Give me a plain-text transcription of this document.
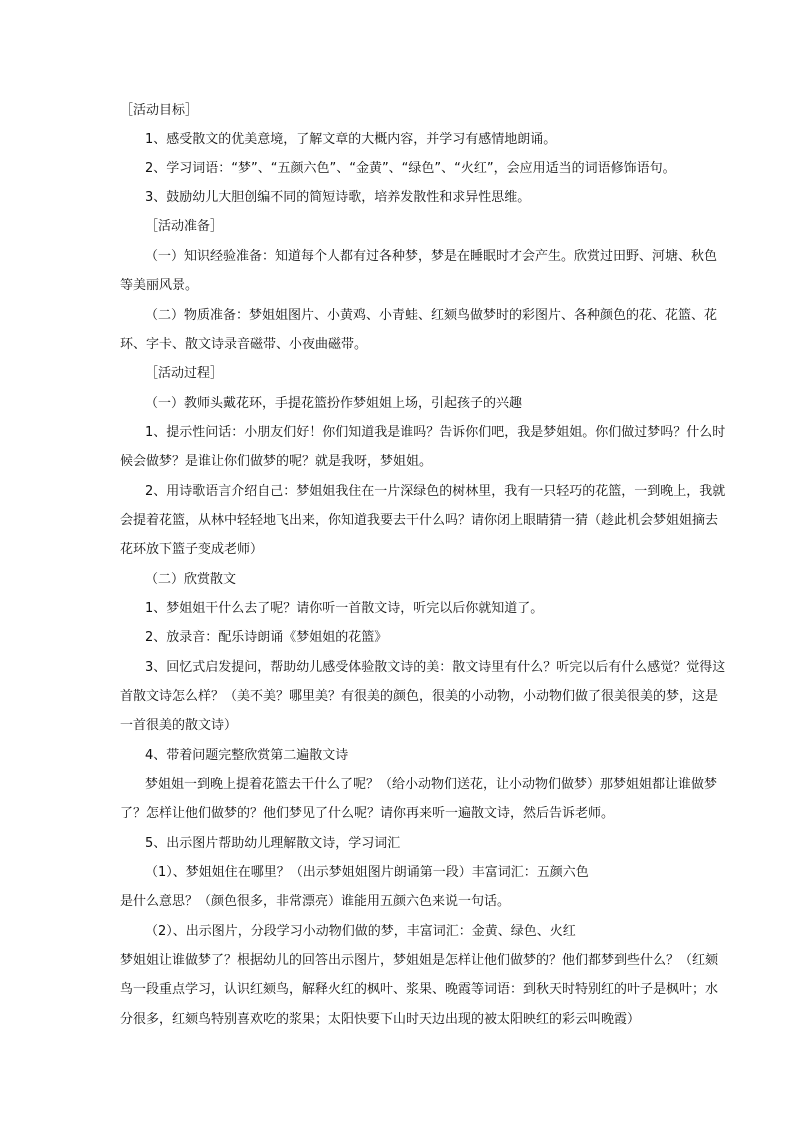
［活动目标］
1、感受散文的优美意境，了解文章的大概内容，并学习有感情地朗诵。
2、学习词语：“梦”、“五颜六色”、“金黄”、“绿色”、“火红”，会应用适当的词语修饰语句。
3、鼓励幼儿大胆创编不同的简短诗歌，培养发散性和求异性思维。
［活动准备］
（一）知识经验准备：知道每个人都有过各种梦，梦是在睡眠时才会产生。欣赏过田野、河塘、秋色
等美丽风景。
（二）物质准备：梦姐姐图片、小黄鸡、小青蛙、红颏鸟做梦时的彩图片、各种颜色的花、花篮、花
环、字卡、散文诗录音磁带、小夜曲磁带。
［活动过程］
（一）教师头戴花环，手提花篮扮作梦姐姐上场，引起孩子的兴趣
1、提示性问话：小朋友们好！你们知道我是谁吗？告诉你们吧，我是梦姐姐。你们做过梦吗？什么时
候会做梦？是谁让你们做梦的呢？就是我呀，梦姐姐。
2、用诗歌语言介绍自己：梦姐姐我住在一片深绿色的树林里，我有一只轻巧的花篮，一到晚上，我就
会提着花篮，从林中轻轻地飞出来，你知道我要去干什么吗？请你闭上眼睛猜一猜（趁此机会梦姐姐摘去
花环放下篮子变成老师）
（二）欣赏散文
1、梦姐姐干什么去了呢？请你听一首散文诗，听完以后你就知道了。
2、放录音：配乐诗朗诵《梦姐姐的花篮》
3、回忆式启发提问，帮助幼儿感受体验散文诗的美：散文诗里有什么？听完以后有什么感觉？觉得这
首散文诗怎么样？（美不美？哪里美？有很美的颜色，很美的小动物，小动物们做了很美很美的梦，这是
一首很美的散文诗）
4、带着问题完整欣赏第二遍散文诗
梦姐姐一到晚上提着花篮去干什么了呢？（给小动物们送花，让小动物们做梦）那梦姐姐都让谁做梦
了？怎样让他们做梦的？他们梦见了什么呢？请你再来听一遍散文诗，然后告诉老师。
5、出示图片帮助幼儿理解散文诗，学习词汇
（1）、梦姐姐住在哪里？（出示梦姐姐图片朗诵第一段）丰富词汇：五颜六色
是什么意思？（颜色很多，非常漂亮）谁能用五颜六色来说一句话。
（2）、出示图片，分段学习小动物们做的梦，丰富词汇：金黄、绿色、火红
梦姐姐让谁做梦了？根据幼儿的回答出示图片，梦姐姐是怎样让他们做梦的？他们都梦到些什么？（红颏
鸟一段重点学习，认识红颏鸟，解释火红的枫叶、浆果、晚霞等词语：到秋天时特别红的叶子是枫叶；水
分很多，红颏鸟特别喜欢吃的浆果；太阳快要下山时天边出现的被太阳映红的彩云叫晚霞）
